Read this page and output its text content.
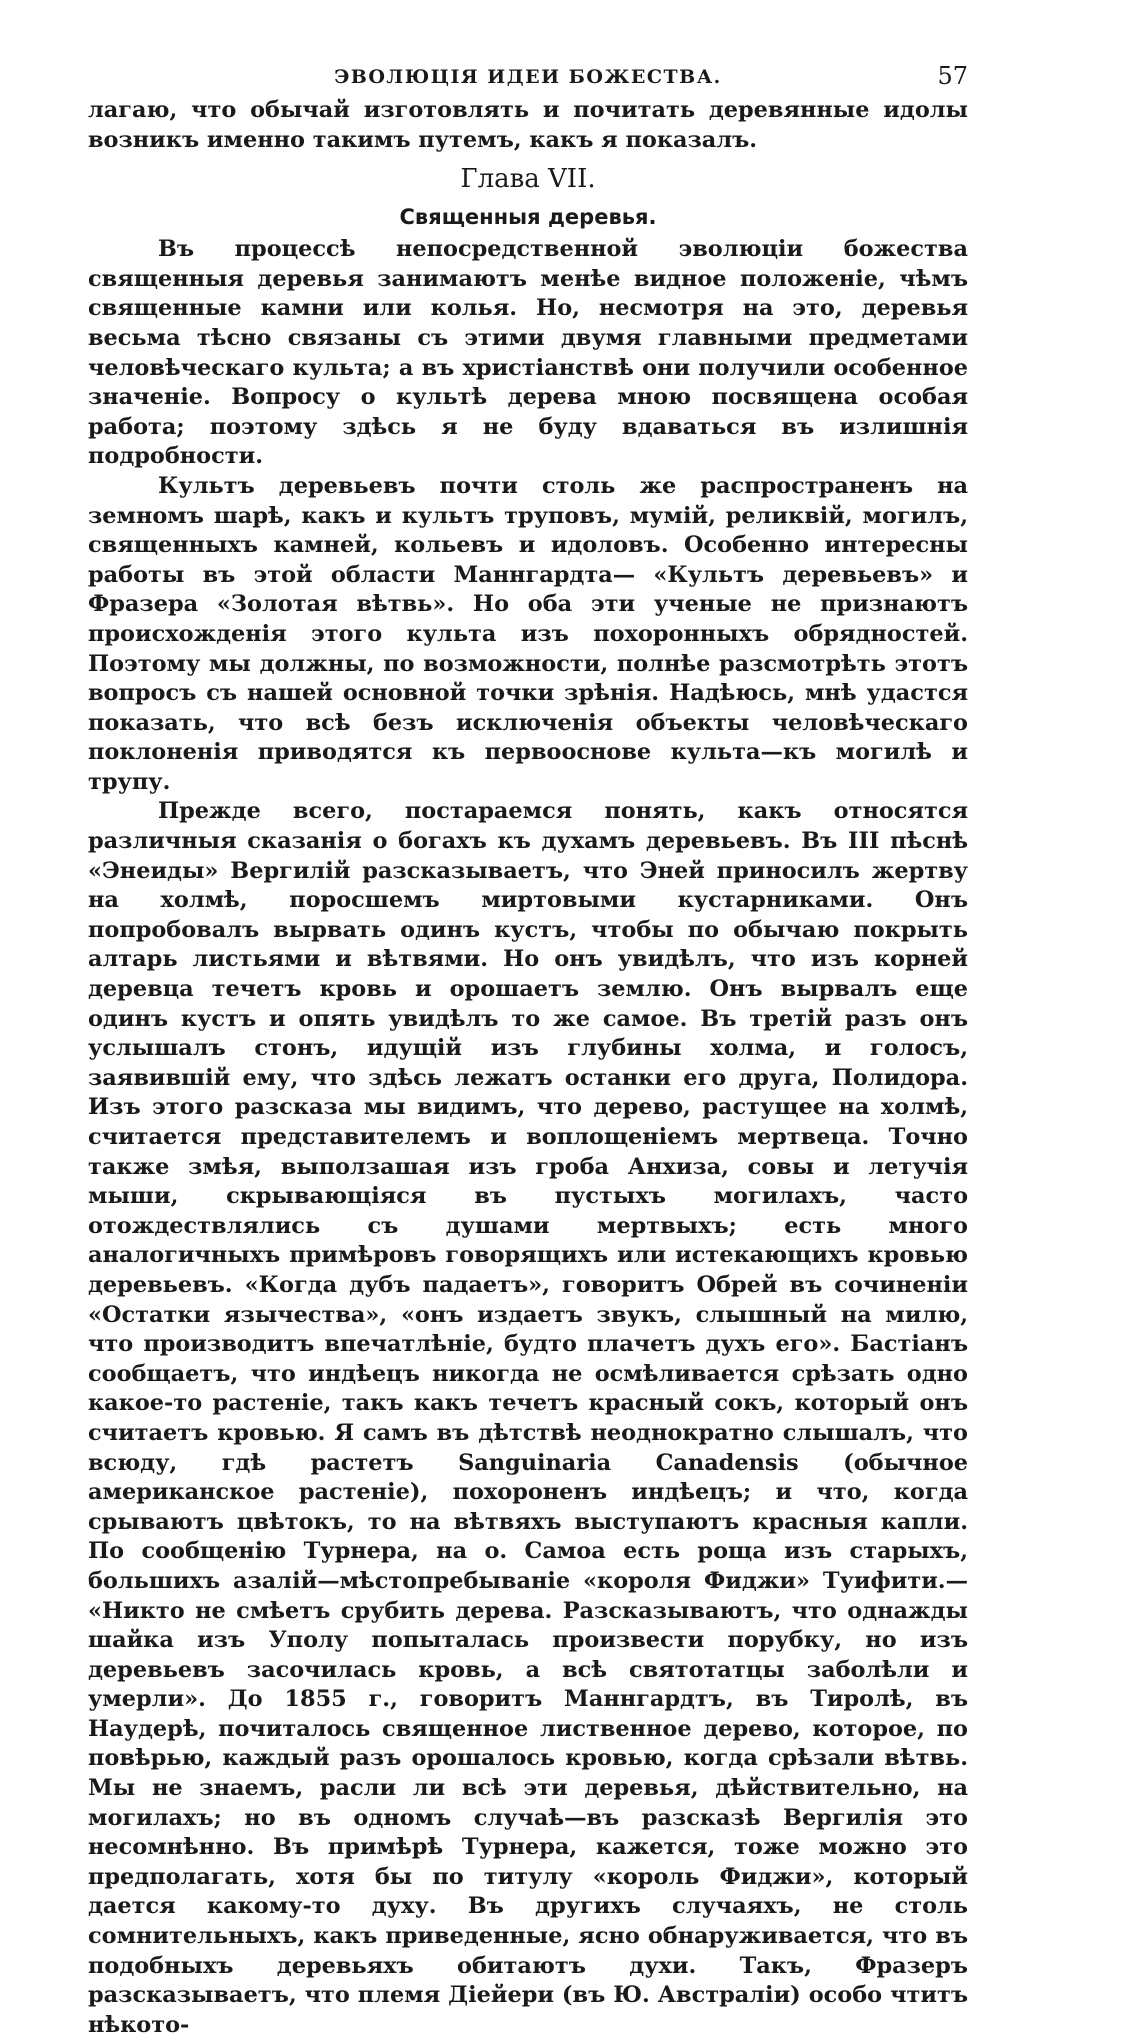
ЭВОЛЮЦІЯ ИДЕИ БОЖЕСТВА.	57

лагаю, что обычай изготовлять и почитать деревянные идолы возникъ именно такимъ путемъ, какъ я показалъ.

Глава VII.
Священныя деревья.

Въ процессѣ непосредственной эволюціи божества священныя деревья занимаютъ менѣе видное положеніе, чѣмъ священные камни или колья. Но, несмотря на это, деревья весьма тѣсно связаны съ этими двумя главными предметами человѣческаго культа; а въ христіанствѣ они получили особенное значеніе. Вопросу о культѣ дерева мною посвящена особая работа; поэтому здѣсь я не буду вдаваться въ излишнія подробности.

Культъ деревьевъ почти столь же распространенъ на земномъ шарѣ, какъ и культъ труповъ, мумій, реликвій, могилъ, священныхъ камней, кольевъ и идоловъ. Особенно интересны работы въ этой области Маннгардта— «Культъ деревьевъ» и Фразера «Золотая вѣтвь». Но оба эти ученые не признаютъ происхожденія этого культа изъ похоронныхъ обрядностей. Поэтому мы должны, по возможности, полнѣе разсмотрѣть этотъ вопросъ съ нашей основной точки зрѣнія. Надѣюсь, мнѣ удастся показать, что всѣ безъ исключенія объекты человѣческаго поклоненія приводятся къ первооснове культа—къ могилѣ и трупу.

Прежде всего, постараемся понять, какъ относятся различныя сказанія о богахъ къ духамъ деревьевъ. Въ III пѣснѣ «Энеиды» Вергилій разсказываетъ, что Эней приносилъ жертву на холмѣ, поросшемъ миртовыми кустарниками. Онъ попробовалъ вырвать одинъ кустъ, чтобы по обычаю покрыть алтарь листьями и вѣтвями. Но онъ увидѣлъ, что изъ корней деревца течетъ кровь и орошаетъ землю. Онъ вырвалъ еще одинъ кустъ и опять увидѣлъ то же самое. Въ третій разъ онъ услышалъ стонъ, идущій изъ глубины холма, и голосъ, заявившій ему, что здѣсь лежатъ останки его друга, Полидора. Изъ этого разсказа мы видимъ, что дерево, растущее на холмѣ, считается представителемъ и воплощеніемъ мертвеца. Точно также змѣя, выползашая изъ гроба Анхиза, совы и летучія мыши, скрывающіяся въ пустыхъ могилахъ, часто отождествлялись съ душами мертвыхъ; есть много аналогичныхъ примѣровъ говорящихъ или истекающихъ кровью деревьевъ. «Когда дубъ падаетъ», говоритъ Обрей въ сочиненіи «Остатки язычества», «онъ издаетъ звукъ, слышный на милю, что производитъ впечатлѣніе, будто плачетъ духъ его». Бастіанъ сообщаетъ, что индѣецъ никогда не осмѣливается срѣзать одно какое-то растеніе, такъ какъ течетъ красный сокъ, который онъ считаетъ кровью. Я самъ въ дѣтствѣ неоднократно слышалъ, что всюду, гдѣ растетъ Sanguinaria Canadensis (обычное американское растеніе), похороненъ индѣецъ; и что, когда срываютъ цвѣтокъ, то на вѣтвяхъ выступаютъ красныя капли. По сообщенію Турнера, на о. Самоа есть роща изъ старыхъ, большихъ азалій—мѣстопребываніе «короля Фиджи» Туифити.— «Никто не смѣетъ срубить дерева. Разсказываютъ, что однажды шайка изъ Уполу попыталась произвести порубку, но изъ деревьевъ засочилась кровь, а всѣ святотатцы заболѣли и умерли». До 1855 г., говоритъ Маннгардтъ, въ Тиролѣ, въ Наудерѣ, почиталось священное лиственное дерево, которое, по повѣрью, каждый разъ орошалось кровью, когда срѣзали вѣтвь. Мы не знаемъ, расли ли всѣ эти деревья, дѣйствительно, на могилахъ; но въ одномъ случаѣ—въ разсказѣ Вергилія это несомнѣнно. Въ примѣрѣ Турнера, кажется, тоже можно это предполагать, хотя бы по титулу «король Фиджи», который дается какому-то духу. Въ другихъ случаяхъ, не столь сомнительныхъ, какъ приведенные, ясно обнаруживается, что въ подобныхъ деревьяхъ обитаютъ духи. Такъ, Фразеръ разсказываетъ, что племя Діейери (въ Ю. Австраліи) особо чтитъ нѣкото-
